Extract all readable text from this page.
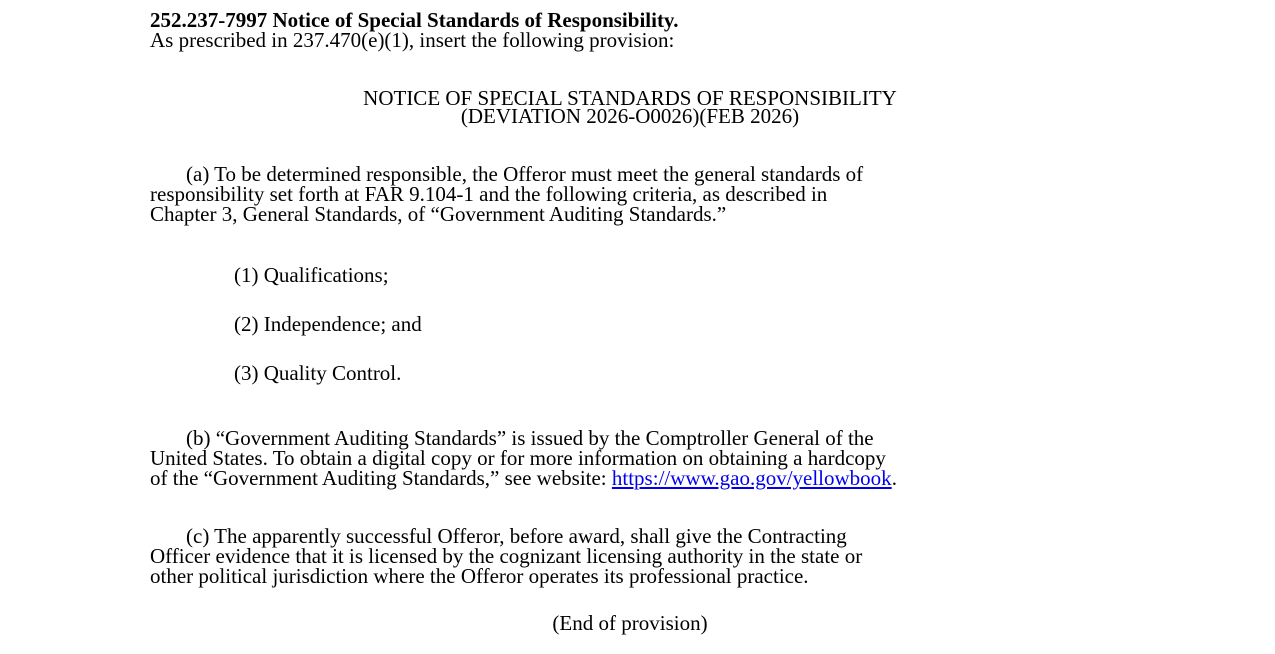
252.237-7997 Notice of Special Standards of Responsibility.
As prescribed in 237.470(e)(1), insert the following provision:
NOTICE OF SPECIAL STANDARDS OF RESPONSIBILITY
(DEVIATION 2026-O0026)(FEB 2026)
(a) To be determined responsible, the Offeror must meet the general standards of
responsibility set forth at FAR 9.104-1 and the following criteria, as described in
Chapter 3, General Standards, of “Government Auditing Standards.”
(1) Qualifications;
(2) Independence; and
(3) Quality Control.
(b) “Government Auditing Standards” is issued by the Comptroller General of the
United States. To obtain a digital copy or for more information on obtaining a hardcopy
of the “Government Auditing Standards,” see website: https://www.gao.gov/yellowbook.
(c) The apparently successful Offeror, before award, shall give the Contracting
Officer evidence that it is licensed by the cognizant licensing authority in the state or
other political jurisdiction where the Offeror operates its professional practice.
(End of provision)
